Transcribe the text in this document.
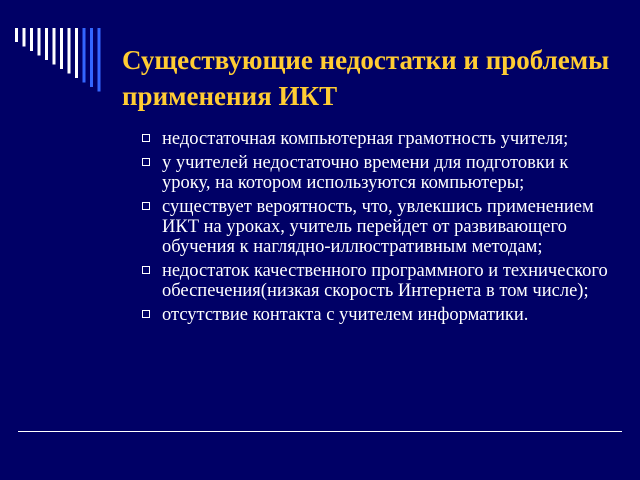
Существующие недостатки и проблемы применения ИКТ
недостаточная компьютерная грамотность учителя;
у учителей недостаточно времени для подготовки к уроку, на котором используются компьютеры;
существует вероятность, что, увлекшись применением ИКТ на уроках, учитель перейдет от развивающего обучения к наглядно-иллюстративным методам;
недостаток качественного программного и технического обеспечения(низкая скорость Интернета в том числе);
отсутствие контакта с учителем информатики.
